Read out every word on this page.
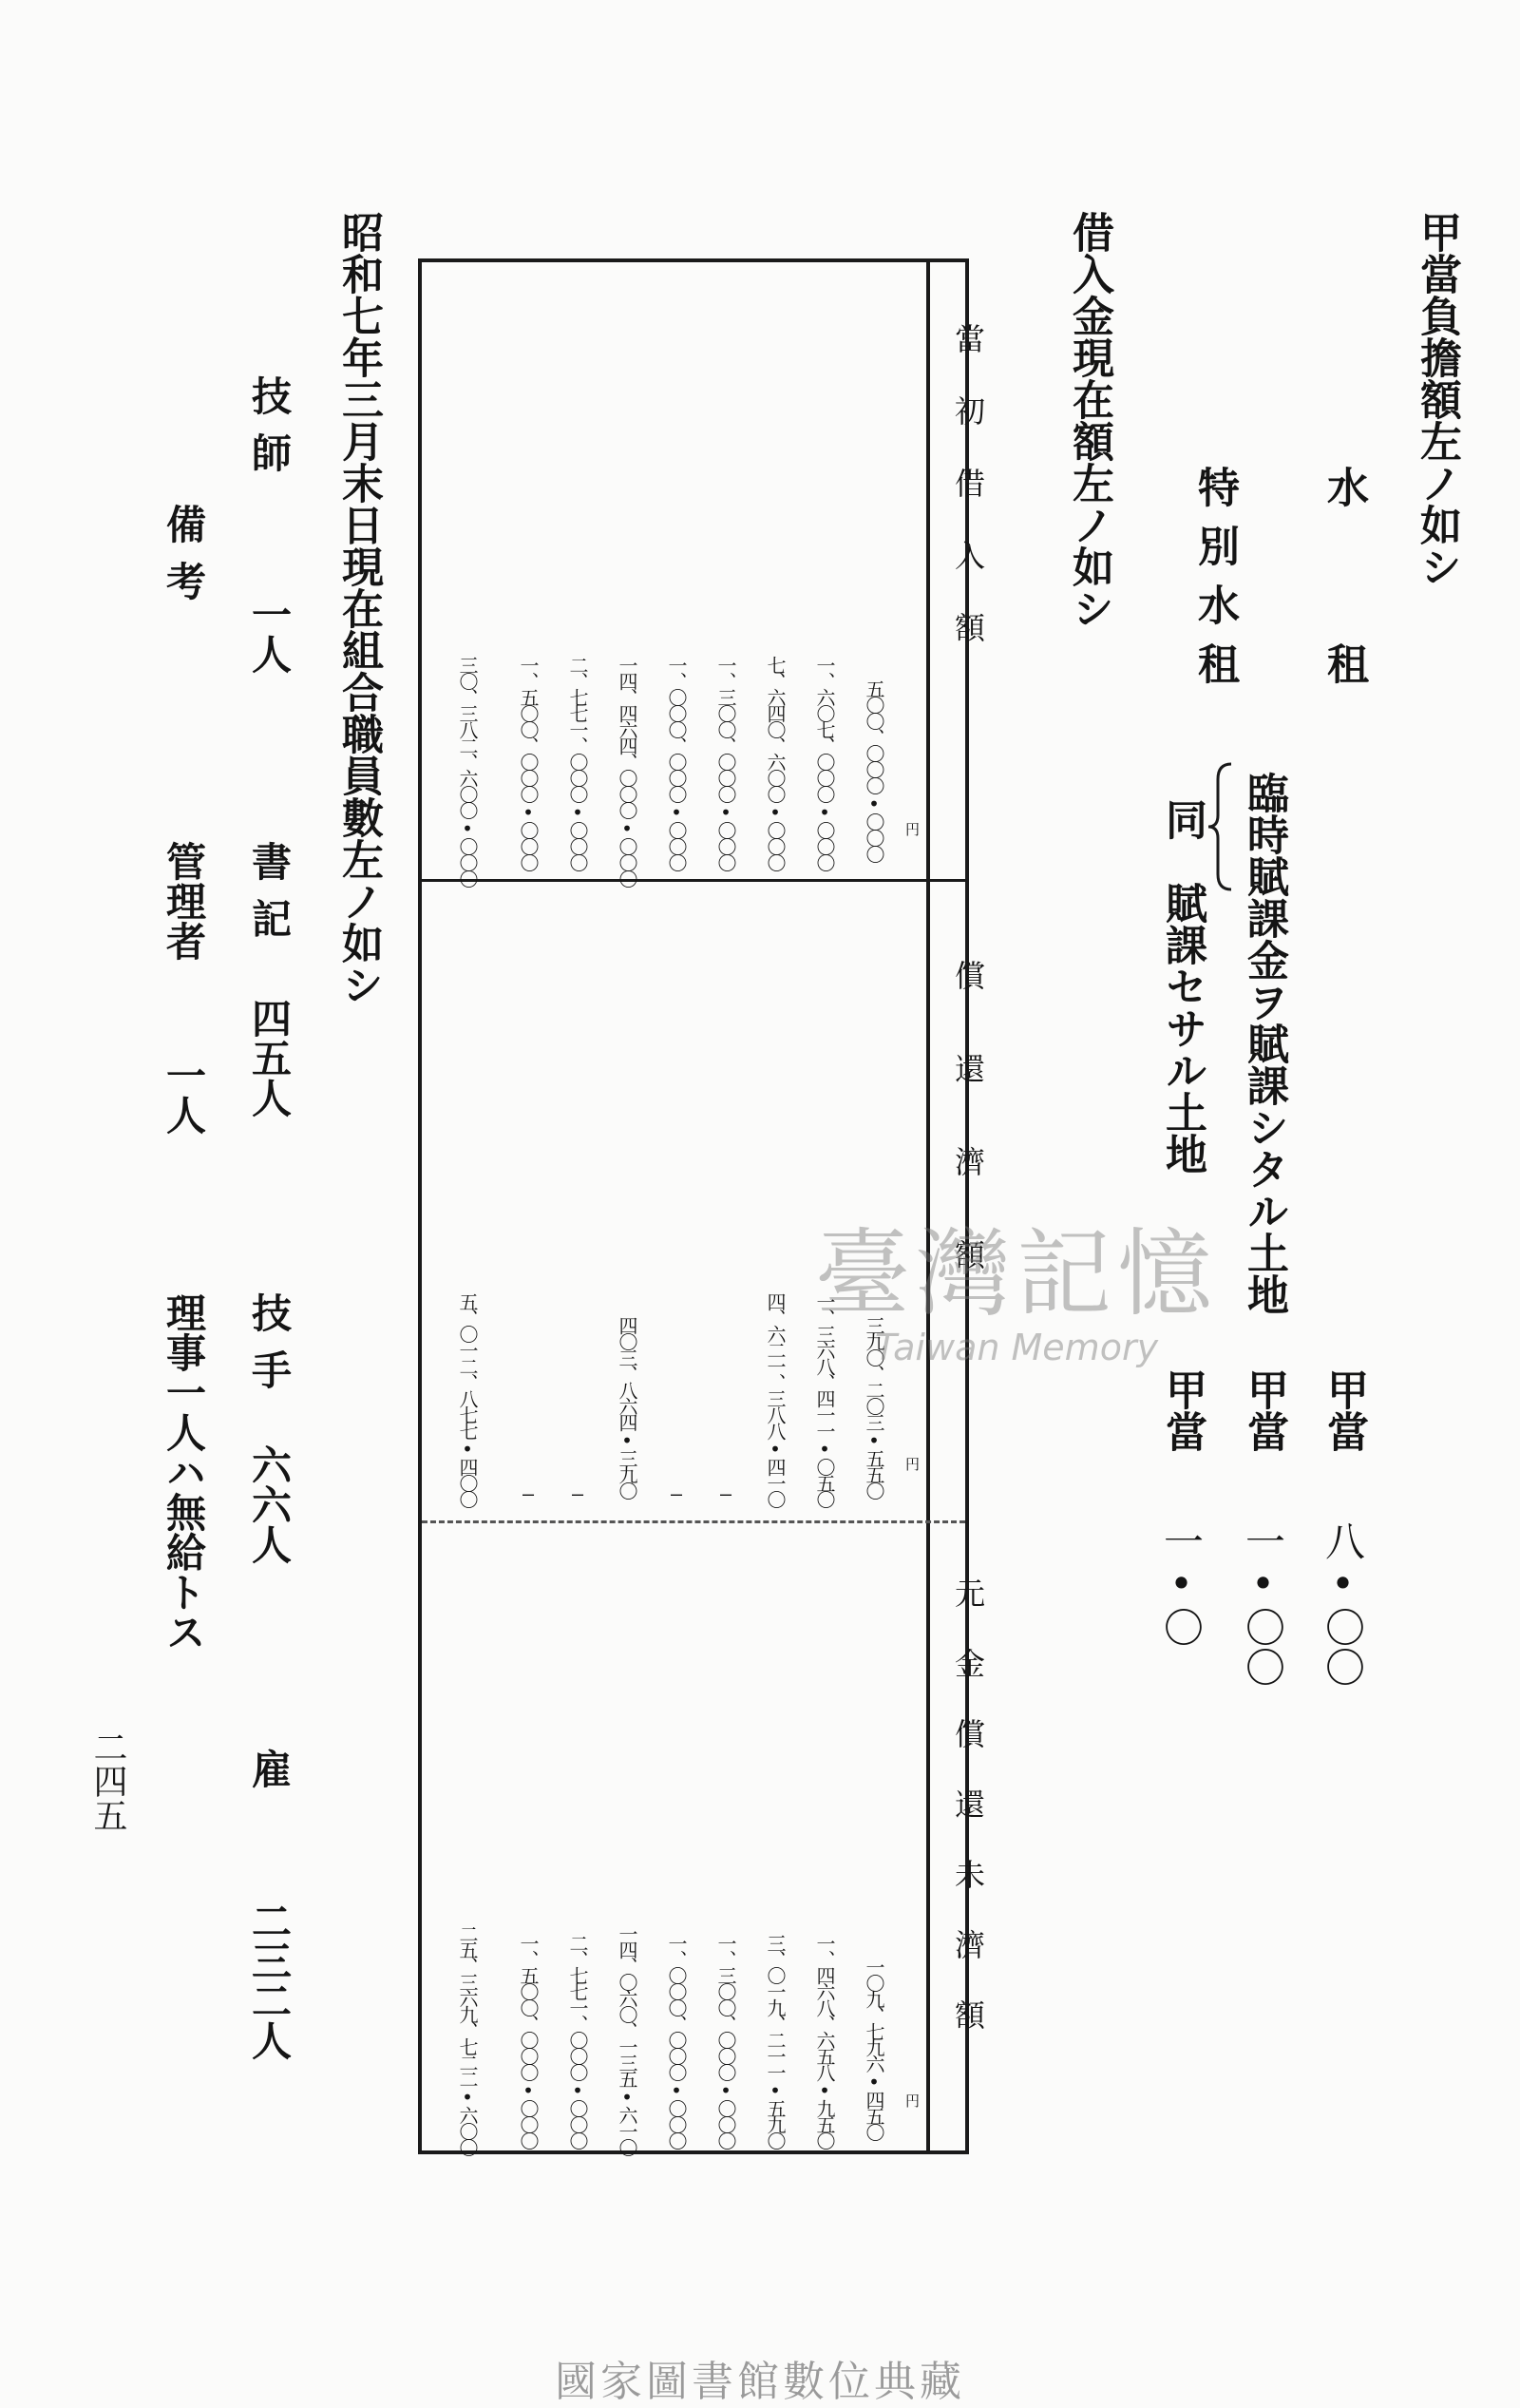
甲當負擔額左ノ如シ
水　　租
甲當
八•〇〇
特別水租
臨時賦課金ヲ賦課シタル土地
甲當
一•〇〇
同　賦課セサル土地
甲當
一•〇
借入金現在額左ノ如シ
當初借入額
償還濟額
元金償還未濟額
円
円
円
五〇〇、〇〇〇•〇〇〇
一、六〇七、〇〇〇•〇〇〇
七、六四〇、六〇〇•〇〇〇
一、三〇〇、〇〇〇•〇〇〇
一、〇〇〇、〇〇〇•〇〇〇
一四、四六四、〇〇〇•〇〇〇
二、七七一、〇〇〇•〇〇〇
一、五〇〇、〇〇〇•〇〇〇
三〇、三八二、六〇〇•〇〇〇
三九〇、二〇三•五五〇
一、三六八、四一一•〇五〇
四、六二一、三八八•四一〇
—
—
四〇三、八六四•三九〇
—
—
五、〇一二、八七七•四〇〇
一〇九、七九六•四五〇
一、四六八、六五八•九五〇
三、〇一九、二一一•五九〇
一、三〇〇、〇〇〇•〇〇〇
一、〇〇〇、〇〇〇•〇〇〇
一四、〇六〇、一三五•六一〇
二、七七一、〇〇〇•〇〇〇
一、五〇〇、〇〇〇•〇〇〇
二五、三六九、七二二•六〇〇
臺灣記憶
Taiwan Memory
昭和七年三月末日現在組合職員數左ノ如シ
技師
一人
書記
四五人
技手
六六人
雇
二三二人
備考
管理者
一人
理事一人ハ無給トス
二四五
國家圖書館數位典藏
